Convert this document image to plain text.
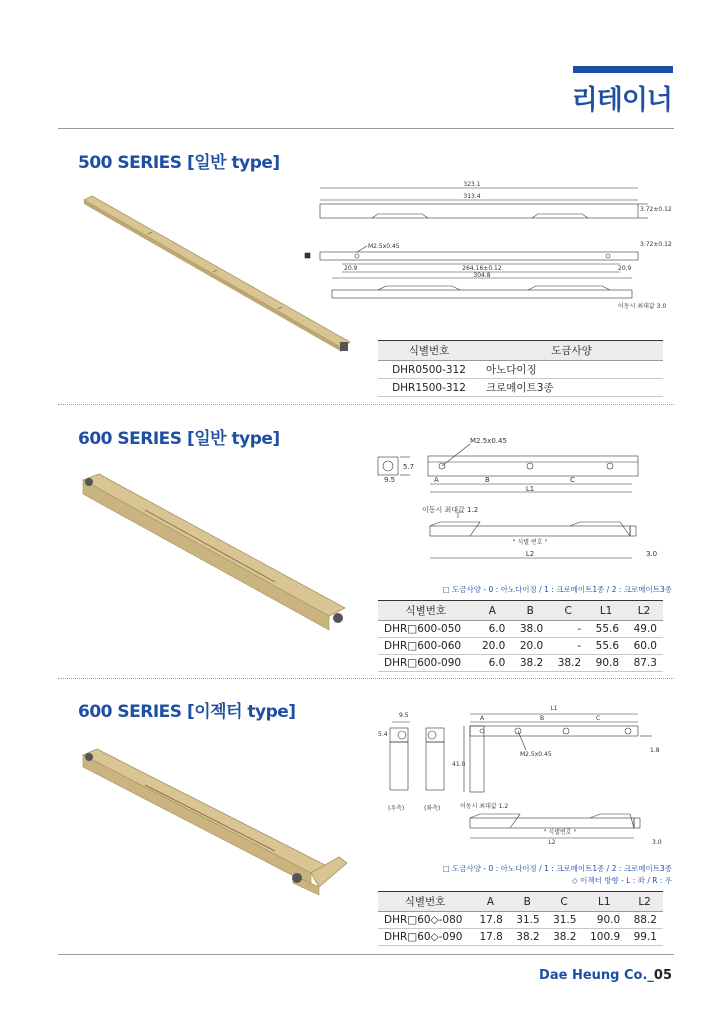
리테이너
500 SERIES [일반 type]
323.1
313.4
3.72±0.12
M2.5x0.45	3.72±0.12
20.9	264.16±0.12	20.9
304.8
이동시 최대값 3.0
식별번호	도금사양
DHR0500-312	아노다이징
DHR1500-312	크로메이트3종
600 SERIES [일반 type]	M2.5x0.45
5.7
9.5	A	B	C
L1
이동시 최대값 1.2
" 식별 번호 "
L2	3.0
□ 도금사양 - 0 : 아노다이징 / 1 : 크로메이트1종 / 2 : 크로메이트3종
식별번호	A	B	C	L1	L2
DHR□600-050	6.0	38.0	-	55.6	49.0
DHR□600-060	20.0	20.0	-	55.6	60.0
DHR□600-090	6.0	38.2	38.2	90.8	87.3
600 SERIES [이젝터 type]	9.5
5.4
L1
A	B	C
M2.5x0.45
41.0
1.8
(우측)	(좌측)	이동시 최대값 1.2
" 식별번호 "
L2	3.0
□ 도금사양 - 0 : 아노다이징 / 1 : 크로메이트1종 / 2 : 크로메이트3종
◇ 이젝터 방향 - L : 좌 / R : 우
식별번호	A	B	C	L1	L2
DHR□60◇-080	17.8	31.5	31.5	90.0	88.2
DHR□60◇-090	17.8	38.2	38.2	100.9	99.1
Dae Heung Co._05
